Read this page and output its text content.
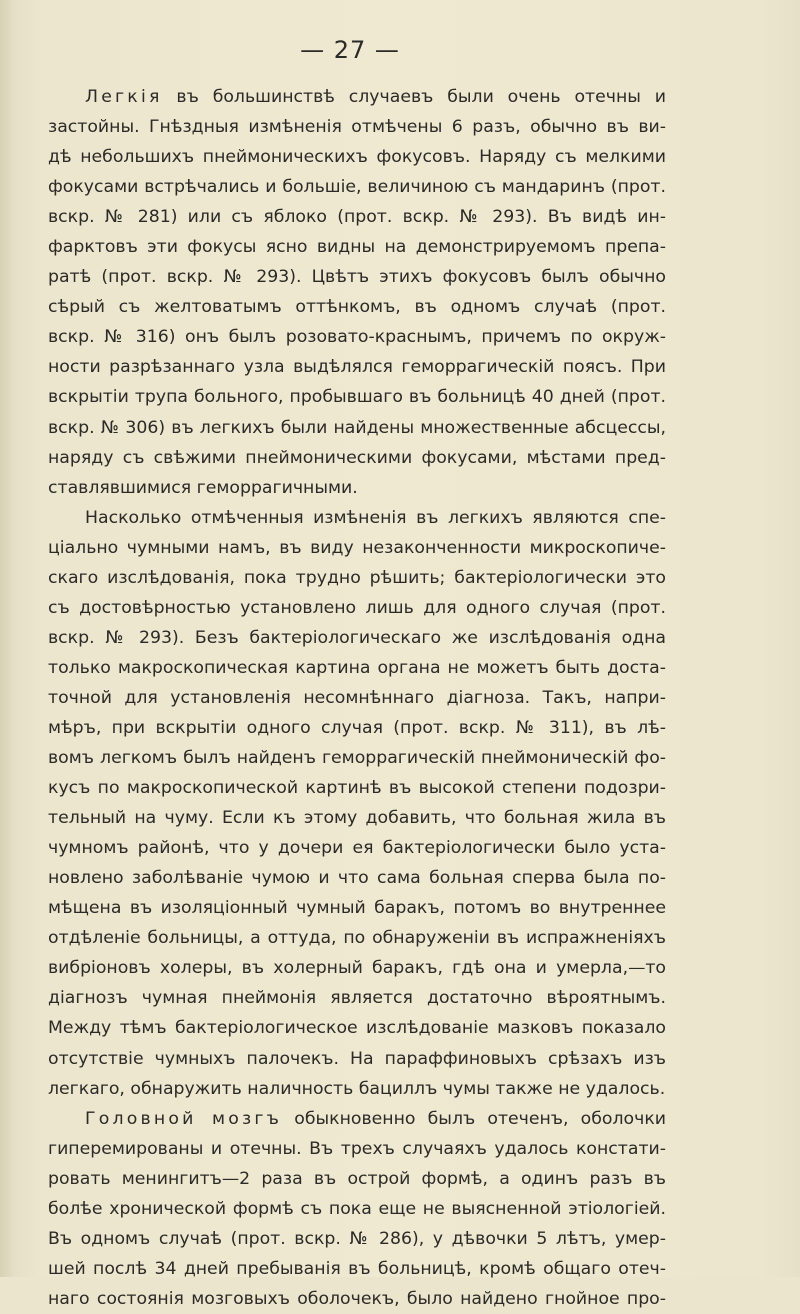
— 27 —
Легкія въ большинствѣ случаевъ были очень отечны и
застойны. Гнѣздныя измѣненія отмѣчены 6 разъ, обычно въ ви-
дѣ небольшихъ пнеймоническихъ фокусовъ. Наряду съ мелкими
фокусами встрѣчались и большіе, величиною съ мандаринъ (прот.
вскр. № 281) или съ яблоко (прот. вскр. № 293). Въ видѣ ин-
фарктовъ эти фокусы ясно видны на демонстрируемомъ препа-
ратѣ (прот. вскр. № 293). Цвѣтъ этихъ фокусовъ былъ обычно
сѣрый съ желтоватымъ оттѣнкомъ, въ одномъ случаѣ (прот.
вскр. № 316) онъ былъ розовато-краснымъ, причемъ по окруж-
ности разрѣзаннаго узла выдѣлялся геморрагическій поясъ. При
вскрытіи трупа больного, пробывшаго въ больницѣ 40 дней (прот.
вскр. № 306) въ легкихъ были найдены множественные абсцессы,
наряду съ свѣжими пнеймоническими фокусами, мѣстами пред-
ставлявшимися геморрагичными.
Насколько отмѣченныя измѣненія въ легкихъ являются спе-
ціально чумными намъ, въ виду незаконченности микроскопиче-
скаго изслѣдованія, пока трудно рѣшить; бактеріологически это
съ достовѣрностью установлено лишь для одного случая (прот.
вскр. № 293). Безъ бактеріологическаго же изслѣдованія одна
только макроскопическая картина органа не можетъ быть доста-
точной для установленія несомнѣннаго діагноза. Такъ, напри-
мѣръ, при вскрытіи одного случая (прот. вскр. № 311), въ лѣ-
вомъ легкомъ былъ найденъ геморрагическій пнеймоническій фо-
кусъ по макроскопической картинѣ въ высокой степени подозри-
тельный на чуму. Если къ этому добавить, что больная жила въ
чумномъ районѣ, что у дочери ея бактеріологически было уста-
новлено заболѣваніе чумою и что сама больная сперва была по-
мѣщена въ изоляціонный чумный баракъ, потомъ во внутреннее
отдѣленіе больницы, а оттуда, по обнаруженіи въ испражненіяхъ
вибріоновъ холеры, въ холерный баракъ, гдѣ она и умерла,—то
діагнозъ чумная пнеймонія является достаточно вѣроятнымъ.
Между тѣмъ бактеріологическое изслѣдованіе мазковъ показало
отсутствіе чумныхъ палочекъ. На параффиновыхъ срѣзахъ изъ
легкаго, обнаружить наличность бациллъ чумы также не удалось.
Головной мозгъ обыкновенно былъ отеченъ, оболочки
гиперемированы и отечны. Въ трехъ случаяхъ удалось констати-
ровать менингитъ—2 раза въ острой формѣ, а одинъ разъ въ
болѣе хронической формѣ съ пока еще не выясненной этіологіей.
Въ одномъ случаѣ (прот. вскр. № 286), у дѣвочки 5 лѣтъ, умер-
шей послѣ 34 дней пребыванія въ больницѣ, кромѣ общаго отеч-
наго состоянія мозговыхъ оболочекъ, было найдено гнойное про-
